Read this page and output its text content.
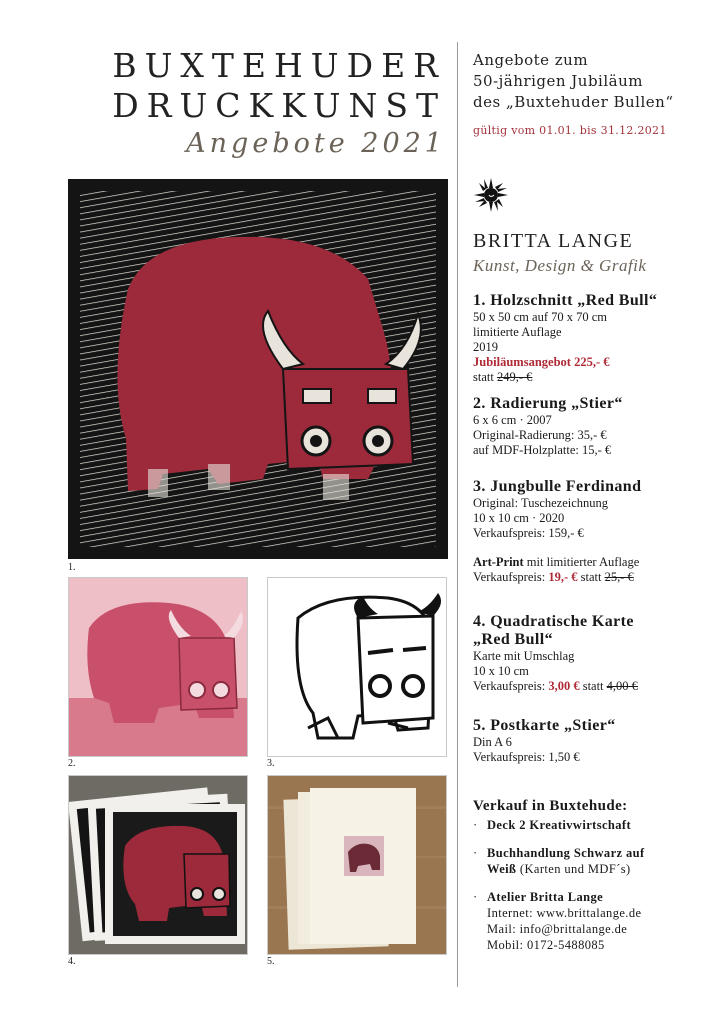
BUXTEHUDER
DRUCKKUNST
Angebote 2021
Angebote zum
50-jährigen Jubiläum
des „Buxtehuder Bullen“
gültig vom 01.01. bis 31.12.2021
BRITTA LANGE
Kunst, Design & Grafik
1. Holzschnitt „Red Bull“
50 x 50 cm auf 70 x 70 cm
limitierte Auflage
2019
Jubiläumsangebot 225,- €
statt 249,- €
2. Radierung „Stier“
6 x 6 cm · 2007
Original-Radierung: 35,- €
auf MDF-Holzplatte: 15,- €
3. Jungbulle Ferdinand
Original: Tuschezeichnung
10 x 10 cm · 2020
Verkaufspreis: 159,- €
Art-Print mit limitierter Auflage
Verkaufspreis: 19,- € statt 25,- €
4. Quadratische Karte
„Red Bull“
Karte mit Umschlag
10 x 10 cm
Verkaufspreis: 3,00 € statt 4,00 €
5. Postkarte „Stier“
Din A 6
Verkaufspreis: 1,50 €
Verkauf in Buxtehude:
· Deck 2 Kreativwirtschaft
· Buchhandlung Schwarz auf
Weiß (Karten und MDF´s)
· Atelier Britta Lange
Internet: www.brittalange.de
Mail: info@brittalange.de
Mobil: 0172-5488085
1.
2.	3.
4.	5.
